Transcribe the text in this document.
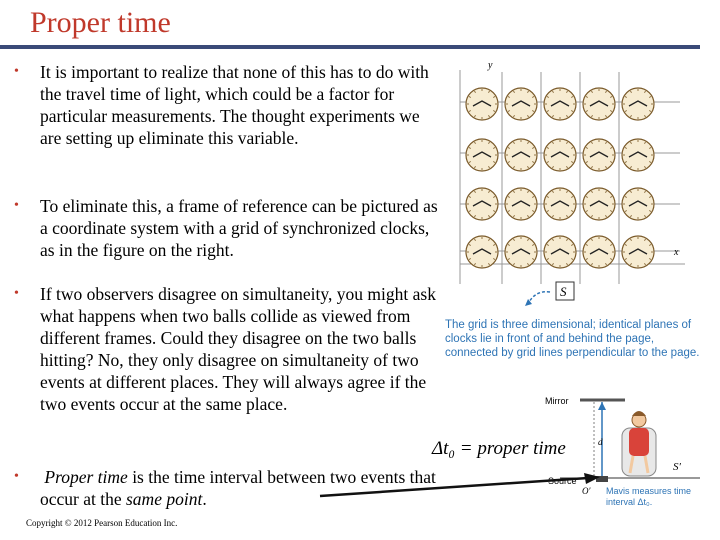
Proper time
• It is important to realize that none of this has to do with the travel time of light, which could be a factor for particular measurements. The thought experiments we are setting up eliminate this variable.
• To eliminate this, a frame of reference can be pictured as a coordinate system with a grid of synchronized clocks, as in the figure on the right.
• If two observers disagree on simultaneity, you might ask what happens when two balls collide as viewed from different frames. Could they disagree on the two balls hitting? No, they only disagree on simultaneity of two events at different places. They will always agree if the two events occur at the same place.
• Proper time is the time interval between two events that occur at the same point.
Copyright © 2012 Pearson Education Inc.
y
x
S
The grid is three dimensional; identical planes of clocks lie in front of and behind the page, connected by grid lines perpendicular to the page.
Δt₀ = proper time	d
O′
S′
Mirror
Source
Mavis measures time interval Δt₀.
